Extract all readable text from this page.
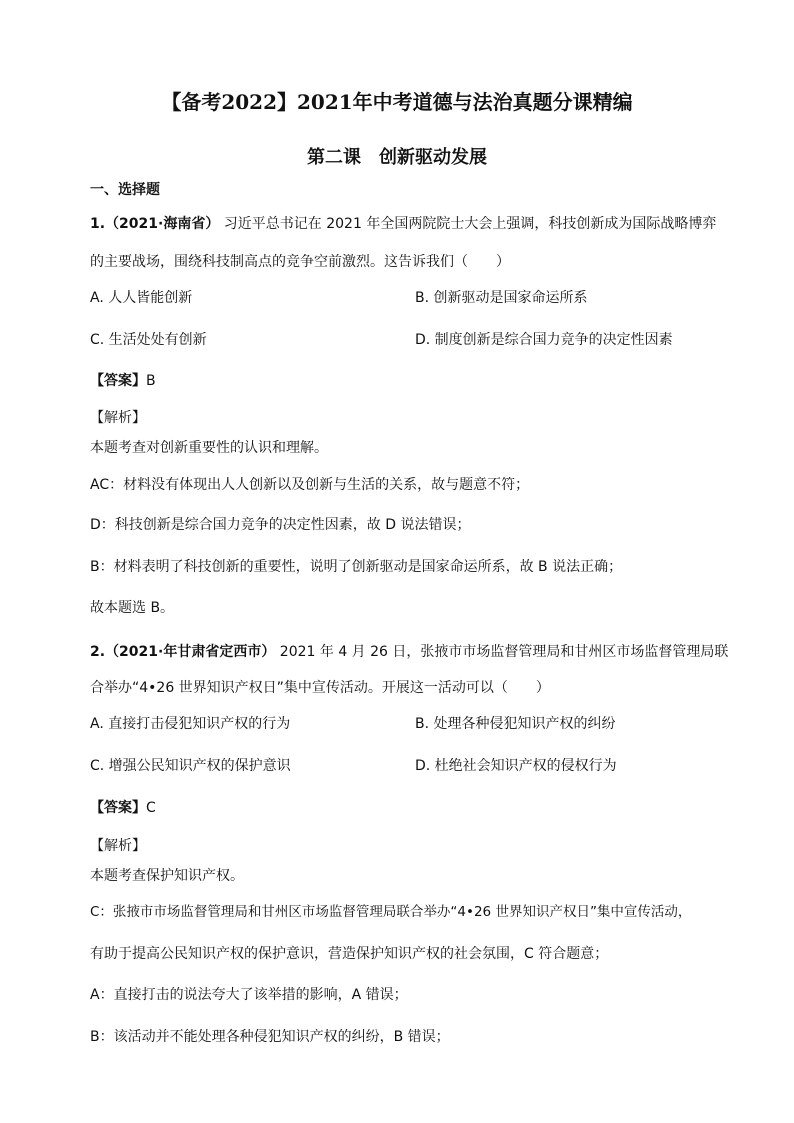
【备考2022】2021年中考道德与法治真题分课精编
第二课　创新驱动发展
一、选择题
1.（2021·海南省） 习近平总书记在 2021 年全国两院院士大会上强调，科技创新成为国际战略博弈
的主要战场，围绕科技制高点的竞争空前激烈。这告诉我们（　　）
A. 人人皆能创新	B. 创新驱动是国家命运所系
C. 生活处处有创新	D. 制度创新是综合国力竞争的决定性因素
【答案】B
【解析】
本题考查对创新重要性的认识和理解。
AC：材料没有体现出人人创新以及创新与生活的关系，故与题意不符；
D：科技创新是综合国力竞争的决定性因素，故 D 说法错误；
B：材料表明了科技创新的重要性，说明了创新驱动是国家命运所系，故 B 说法正确；
故本题选 B。
2.（2021·年甘肃省定西市） 2021 年 4 月 26 日，张掖市市场监督管理局和甘州区市场监督管理局联
合举办“4•26 世界知识产权日”集中宣传活动。开展这一活动可以（　　）
A. 直接打击侵犯知识产权的行为	B. 处理各种侵犯知识产权的纠纷
C. 增强公民知识产权的保护意识	D. 杜绝社会知识产权的侵权行为
【答案】C
【解析】
本题考查保护知识产权。
C：张掖市市场监督管理局和甘州区市场监督管理局联合举办“4•26 世界知识产权日”集中宣传活动，
有助于提高公民知识产权的保护意识，营造保护知识产权的社会氛围，C 符合题意；
A：直接打击的说法夸大了该举措的影响，A 错误；
B：该活动并不能处理各种侵犯知识产权的纠纷，B 错误；
